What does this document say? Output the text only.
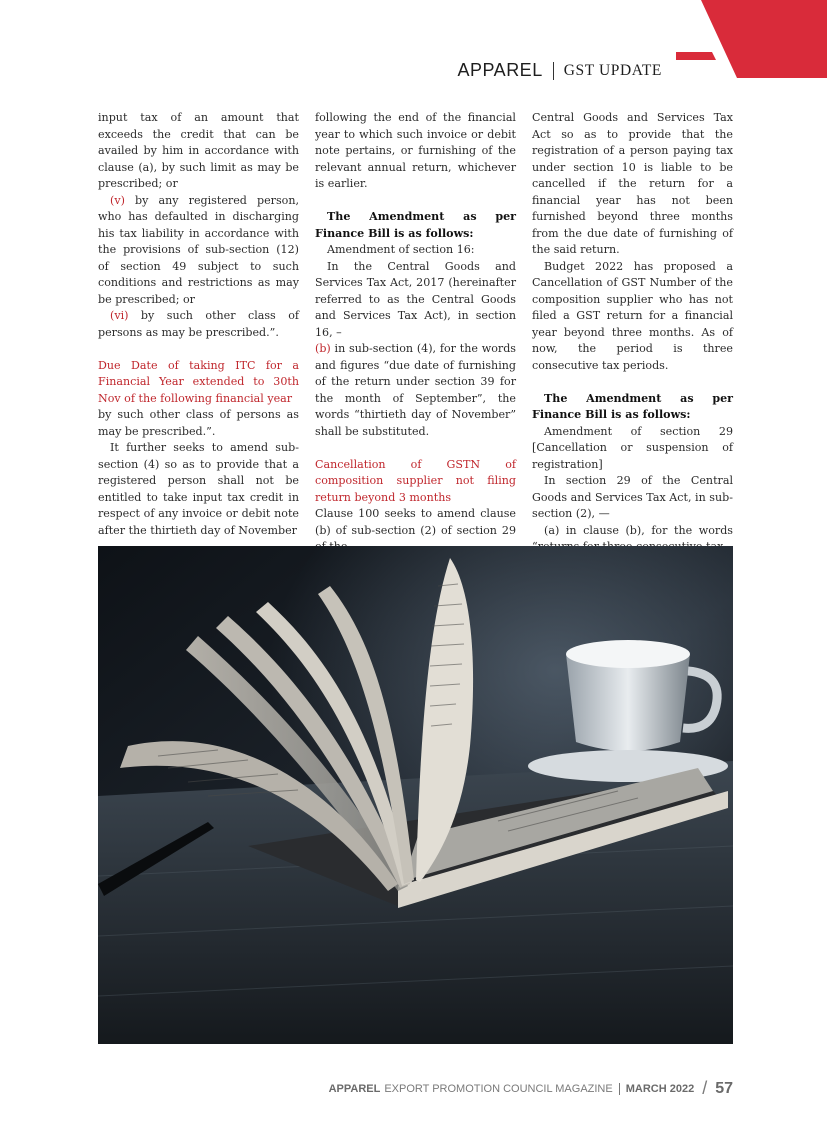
APPAREL GST UPDATE

input tax of an amount that exceeds the credit that can be availed by him in accordance with clause (a), by such limit as may be prescribed; or

(v) by any registered person, who has defaulted in discharging his tax liability in accordance with the provisions of sub-section (12) of section 49 subject to such conditions and restrictions as may be prescribed; or

(vi) by such other class of persons as may be prescribed.”.

Due Date of taking ITC for a Financial Year extended to 30th Nov of the following financial year

by such other class of persons as may be prescribed.”.

It further seeks to amend sub-section (4) so as to provide that a registered person shall not be entitled to take input tax credit in respect of any invoice or debit note after the thirtieth day of November

following the end of the financial year to which such invoice or debit note pertains, or furnishing of the relevant annual return, whichever is earlier.

The Amendment as per Finance Bill is as follows:

Amendment of section 16:

In the Central Goods and Services Tax Act, 2017 (hereinafter referred to as the Central Goods and Services Tax Act), in section 16, –

(b) in sub-section (4), for the words and figures “due date of furnishing of the return under section 39 for the month of September”, the words “thirtieth day of November” shall be substituted.

Cancellation of GSTN of composition supplier not filing return beyond 3 months

Clause 100 seeks to amend clause (b) of sub-section (2) of section 29

Central Goods and Services Tax Act so as to provide that the registration of a person paying tax under section 10 is liable to be cancelled if the return for a financial year has not been furnished beyond three months from the due date of furnishing of the said return.

Budget 2022 has proposed a Cancellation of GST Number of the composition supplier who has not filed a GST return for a financial year beyond three months. As of now, the period is three consecutive tax periods.

The Amendment as per Finance Bill is as follows:

Amendment of section 29 [Cancellation or suspension of registration]

In section 29 of the Central Goods and Services Tax Act, in sub-section (2), —

(a) in clause (b), for the words

APPAREL EXPORT PROMOTION COUNCIL MAGAZINE MARCH 2022 / 57
